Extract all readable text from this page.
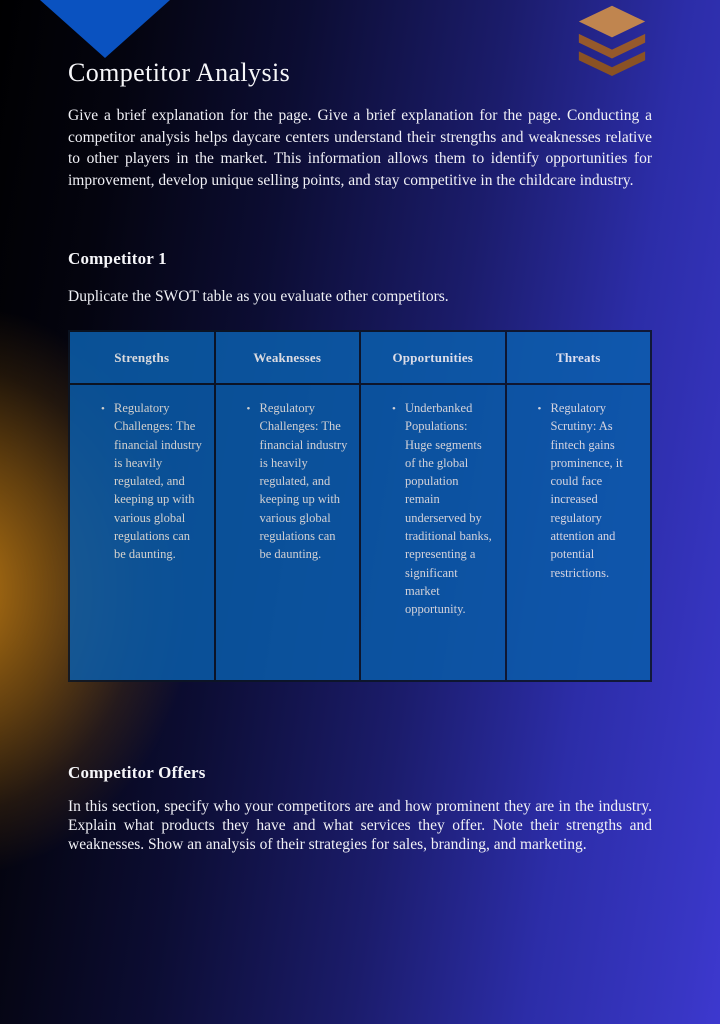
Competitor Analysis

Give a brief explanation for the page. Give a brief explanation for the page. Conducting a competitor analysis helps daycare centers understand their strengths and weaknesses relative to other players in the market. This information allows them to identify opportunities for improvement, develop unique selling points, and stay competitive in the childcare industry.

Competitor 1

Duplicate the SWOT table as you evaluate other competitors.

Strengths
• Regulatory Challenges: The financial industry is heavily regulated, and keeping up with various global regulations can be daunting.
Weaknesses
• Regulatory Challenges: The financial industry is heavily regulated, and keeping up with various global regulations can be daunting.
Opportunities
• Underbanked Populations: Huge segments of the global population remain underserved by traditional banks, representing a significant market opportunity.
Threats
• Regulatory Scrutiny: As fintech gains prominence, it could face increased regulatory attention and potential restrictions.
Competitor Offers

In this section, specify who your competitors are and how prominent they are in the industry. Explain what products they have and what services they offer. Note their strengths and weaknesses. Show an analysis of their strategies for sales, branding, and marketing.
